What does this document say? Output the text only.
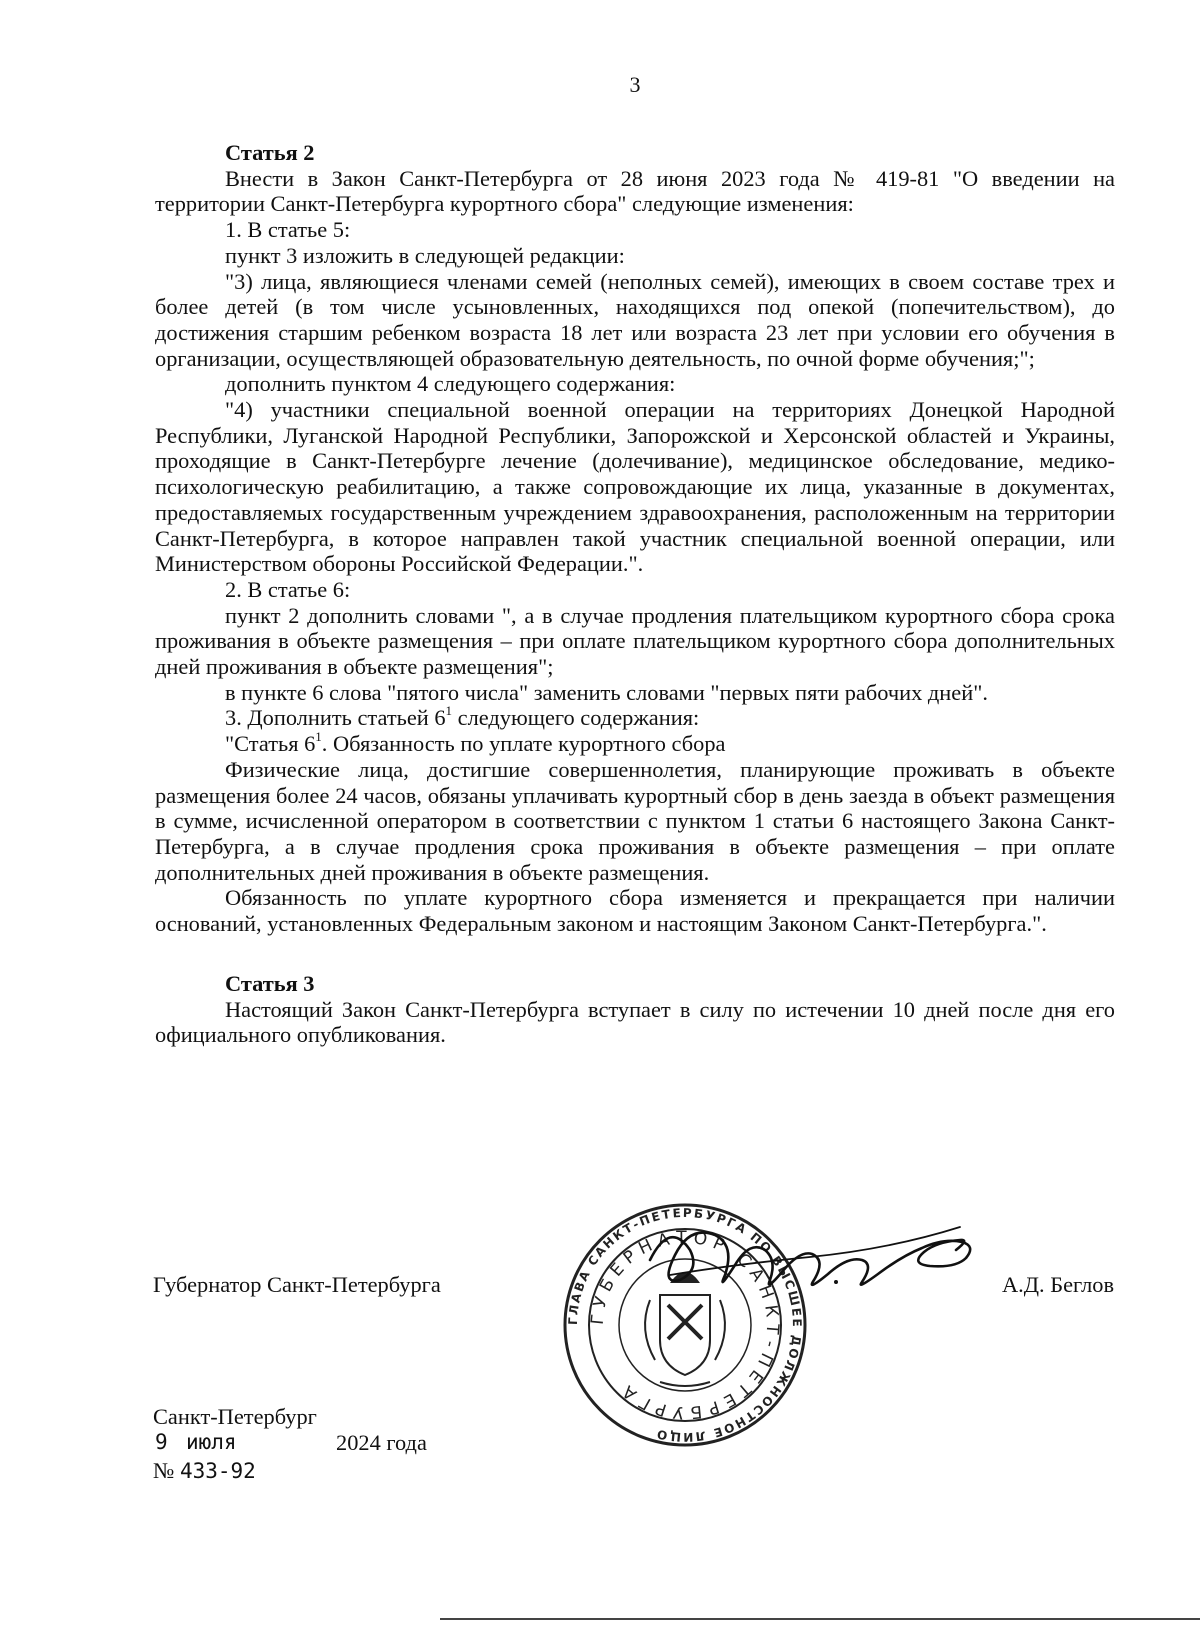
3
Статья 2

Внести в Закон Санкт-Петербурга от 28 июня 2023 года № 419-81 "О введении на территории Санкт-Петербурга курортного сбора" следующие изменения:

1. В статье 5:

пункт 3 изложить в следующей редакции:

"3) лица, являющиеся членами семей (неполных семей), имеющих в своем составе трех и более детей (в том числе усыновленных, находящихся под опекой (попечительством), до достижения старшим ребенком возраста 18 лет или возраста 23 лет при условии его обучения в организации, осуществляющей образовательную деятельность, по очной форме обучения;";

дополнить пунктом 4 следующего содержания:

"4) участники специальной военной операции на территориях Донецкой Народной Республики, Луганской Народной Республики, Запорожской и Херсонской областей и Украины, проходящие в Санкт-Петербурге лечение (долечивание), медицинское обследование, медико-психологическую реабилитацию, а также сопровождающие их лица, указанные в документах, предоставляемых государственным учреждением здравоохранения, расположенным на территории Санкт-Петербурга, в которое направлен такой участник специальной военной операции, или Министерством обороны Российской Федерации.".

2. В статье 6:

пункт 2 дополнить словами ", а в случае продления плательщиком курортного сбора срока проживания в объекте размещения – при оплате плательщиком курортного сбора дополнительных дней проживания в объекте размещения";

в пункте 6 слова "пятого числа" заменить словами "первых пяти рабочих дней".

3. Дополнить статьей $6^1$ следующего содержания:

"Статья $6^1$. Обязанность по уплате курортного сбора

Физические лица, достигшие совершеннолетия, планирующие проживать в объекте размещения более 24 часов, обязаны уплачивать курортный сбор в день заезда в объект размещения в сумме, исчисленной оператором в соответствии с пунктом 1 статьи 6 настоящего Закона Санкт-Петербурга, а в случае продления срока проживания в объекте размещения – при оплате дополнительных дней проживания в объекте размещения.

Обязанность по уплате курортного сбора изменяется и прекращается при наличии оснований, установленных Федеральным законом и настоящим Законом Санкт-Петербурга.".

Статья 3

Настоящий Закон Санкт-Петербурга вступает в силу по истечении 10 дней после дня его официального опубликования.

Губернатор Санкт-Петербурга	А.Д. Беглов
ГЛАВА САНКТ-ПЕТЕРБУРГА ПО ВЫСШЕЕ ДОЛЖНОСТНОЕ ЛИЦО
ГУБЕРНАТОР САНКТ-ПЕТЕРБУРГА
Санкт-Петербург
9 июля	2024 года
№ 433-92
